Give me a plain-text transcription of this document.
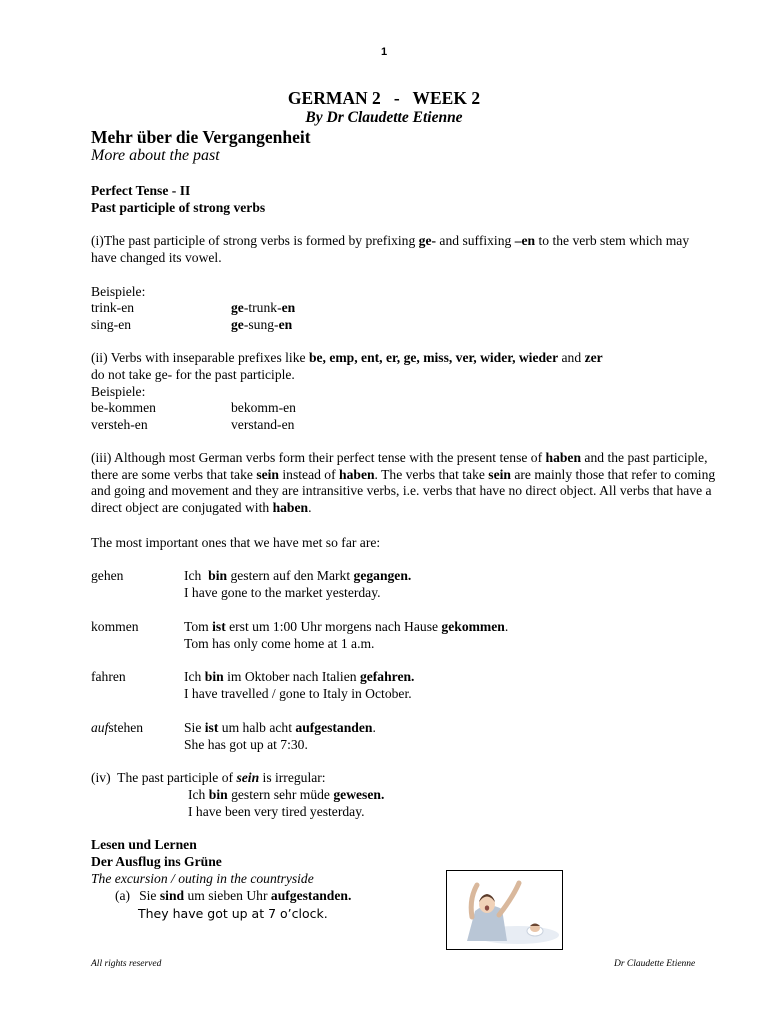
1
GERMAN 2   -   WEEK 2
By Dr Claudette Etienne
Mehr über die Vergangenheit
More about the past
Perfect Tense - II
Past participle of strong verbs
(i)The past participle of strong verbs is formed by prefixing ge- and suffixing –en to the verb stem which may have changed its vowel.
Beispiele:
trink-en	ge-trunk-en
sing-en	ge-sung-en
(ii) Verbs with inseparable prefixes like be, emp, ent, er, ge, miss, ver, wider, wieder and zer
do not take ge- for the past participle.
Beispiele:
be-kommen	bekomm-en
versteh-en	verstand-en
(iii) Although most German verbs form their perfect tense with the present tense of haben and the past participle, there are some verbs that take sein instead of haben. The verbs that take sein are mainly those that refer to coming and going and movement and they are intransitive verbs, i.e. verbs that have no direct object. All verbs that have a direct object are conjugated with haben.
The most important ones that we have met so far are:
gehen	Ich  bin gestern auf den Markt gegangen.
I have gone to the market yesterday.
kommen	Tom ist erst um 1:00 Uhr morgens nach Hause gekommen.
Tom has only come home at 1 a.m.
fahren	Ich bin im Oktober nach Italien gefahren.
I have travelled / gone to Italy in October.
aufstehen	Sie ist um halb acht aufgestanden.
She has got up at 7:30.
(iv)  The past participle of sein is irregular:
Ich bin gestern sehr müde gewesen.
I have been very tired yesterday.
Lesen und Lernen
Der Ausflug ins Grüne
The excursion / outing in the countryside
(a) Sie sind um sieben Uhr aufgestanden.
They have got up at 7 o’clock.
All rights reserved	Dr Claudette Etienne
